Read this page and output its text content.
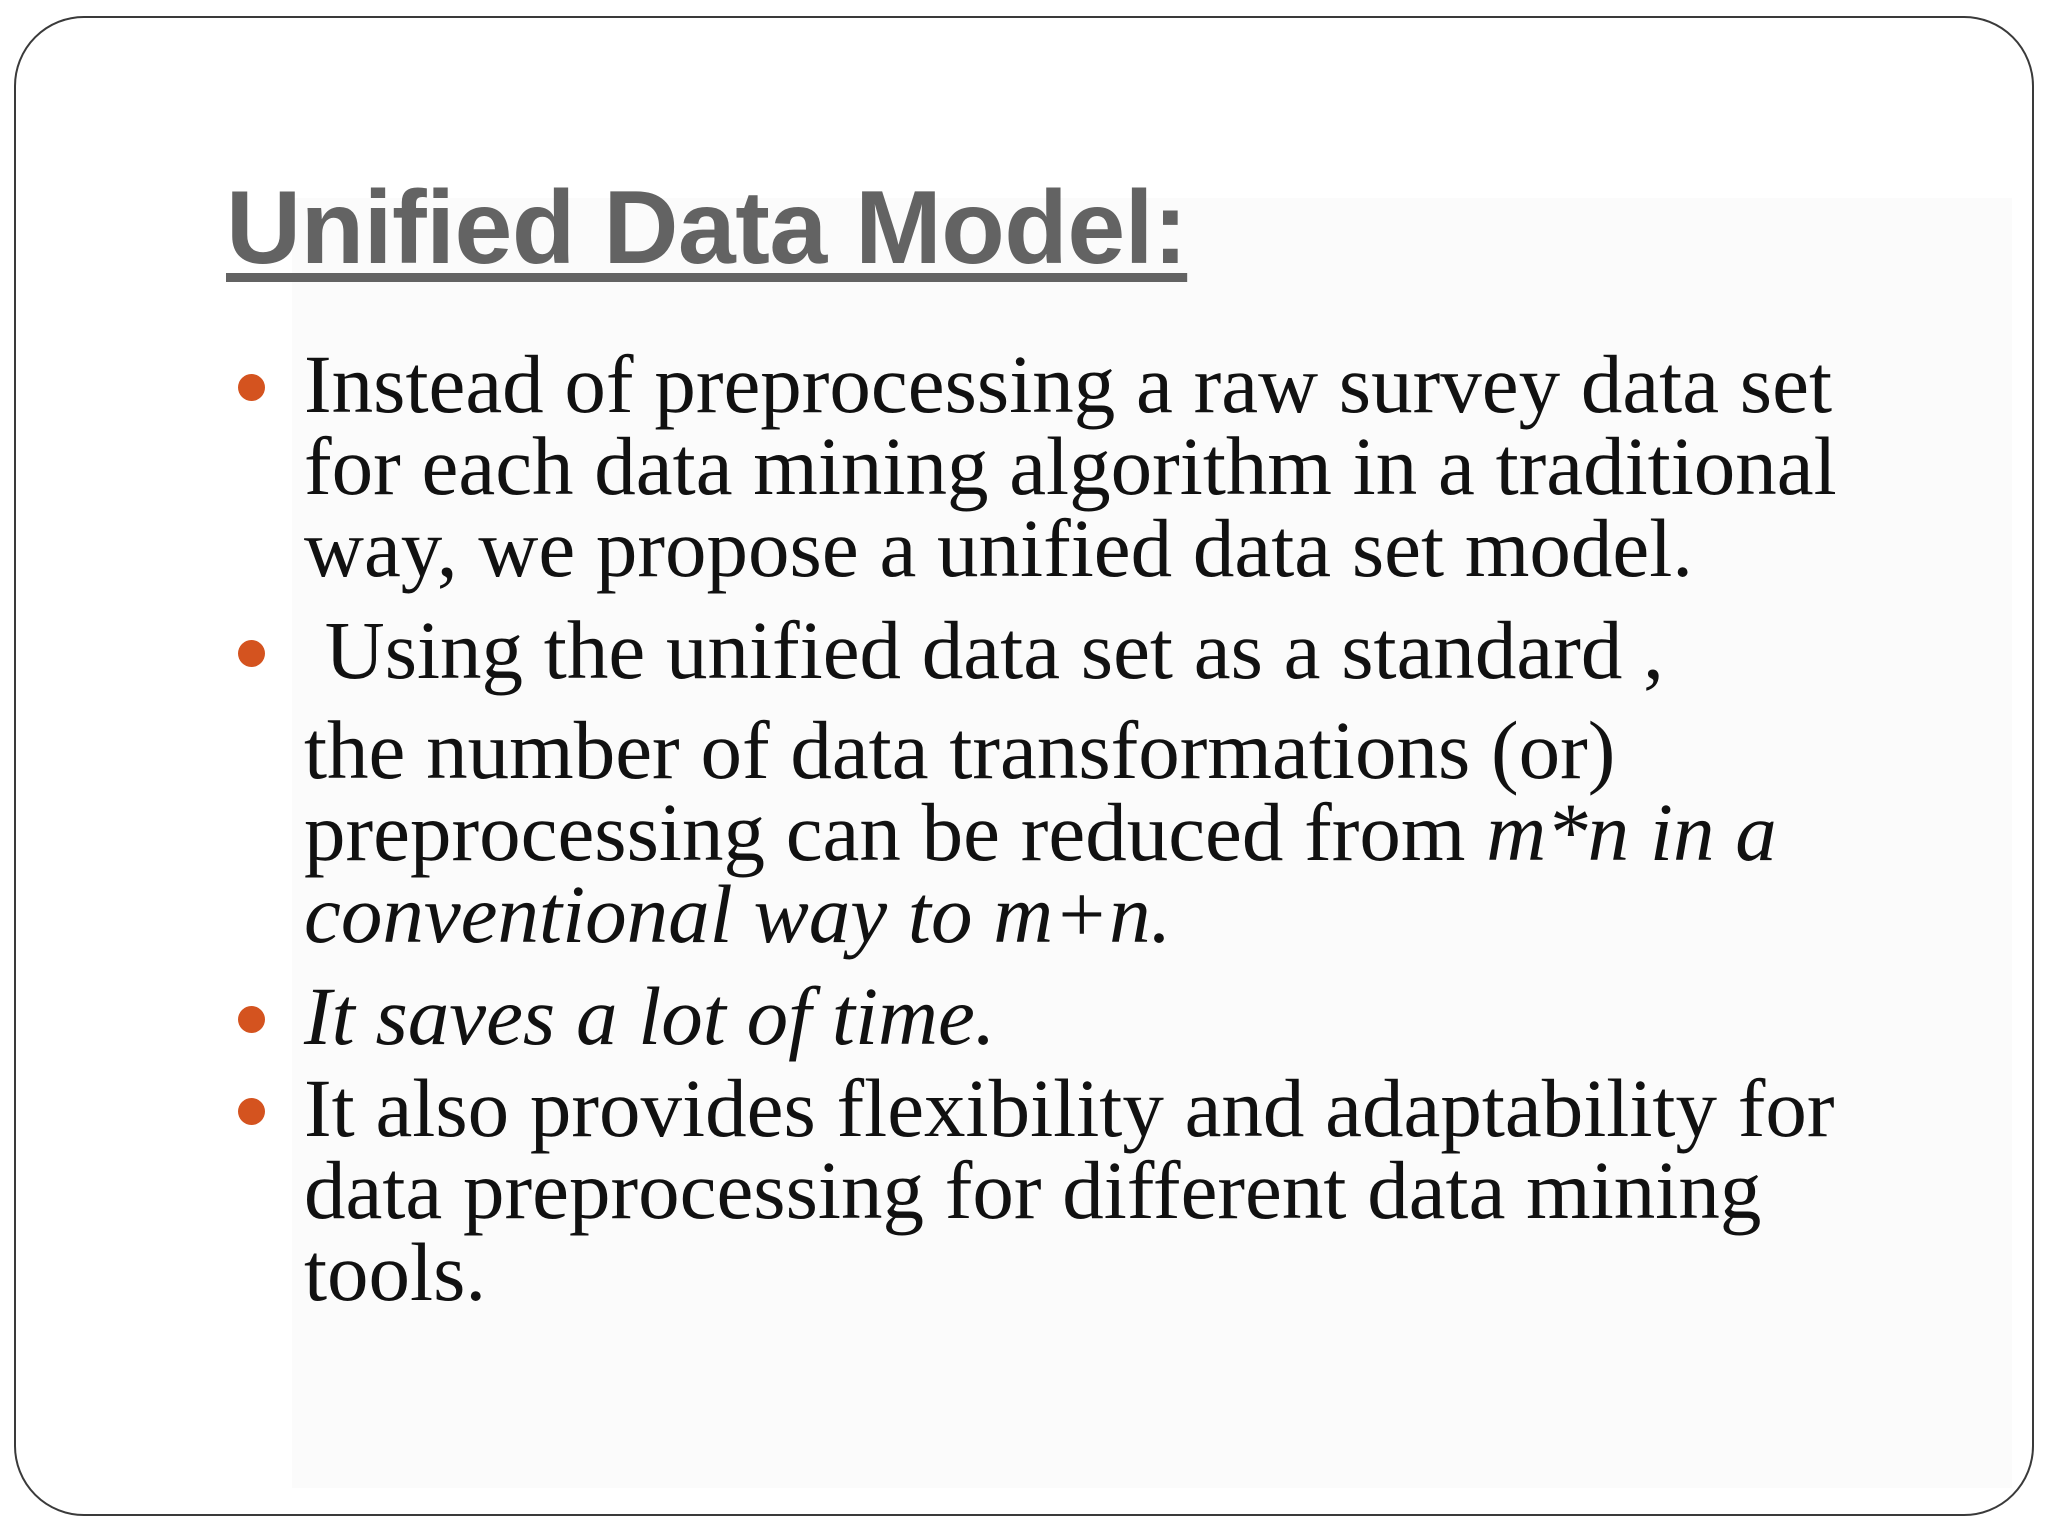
Unified Data Model:
Instead of preprocessing a raw survey data set
for each data mining algorithm in a traditional
way, we propose a unified data set model.
Using the unified data set as a standard ,
the number of data transformations (or)
preprocessing can be reduced from m*n in a
conventional way to m+n.
It saves a lot of time.
It also provides flexibility and adaptability for
data preprocessing for different data mining
tools.
